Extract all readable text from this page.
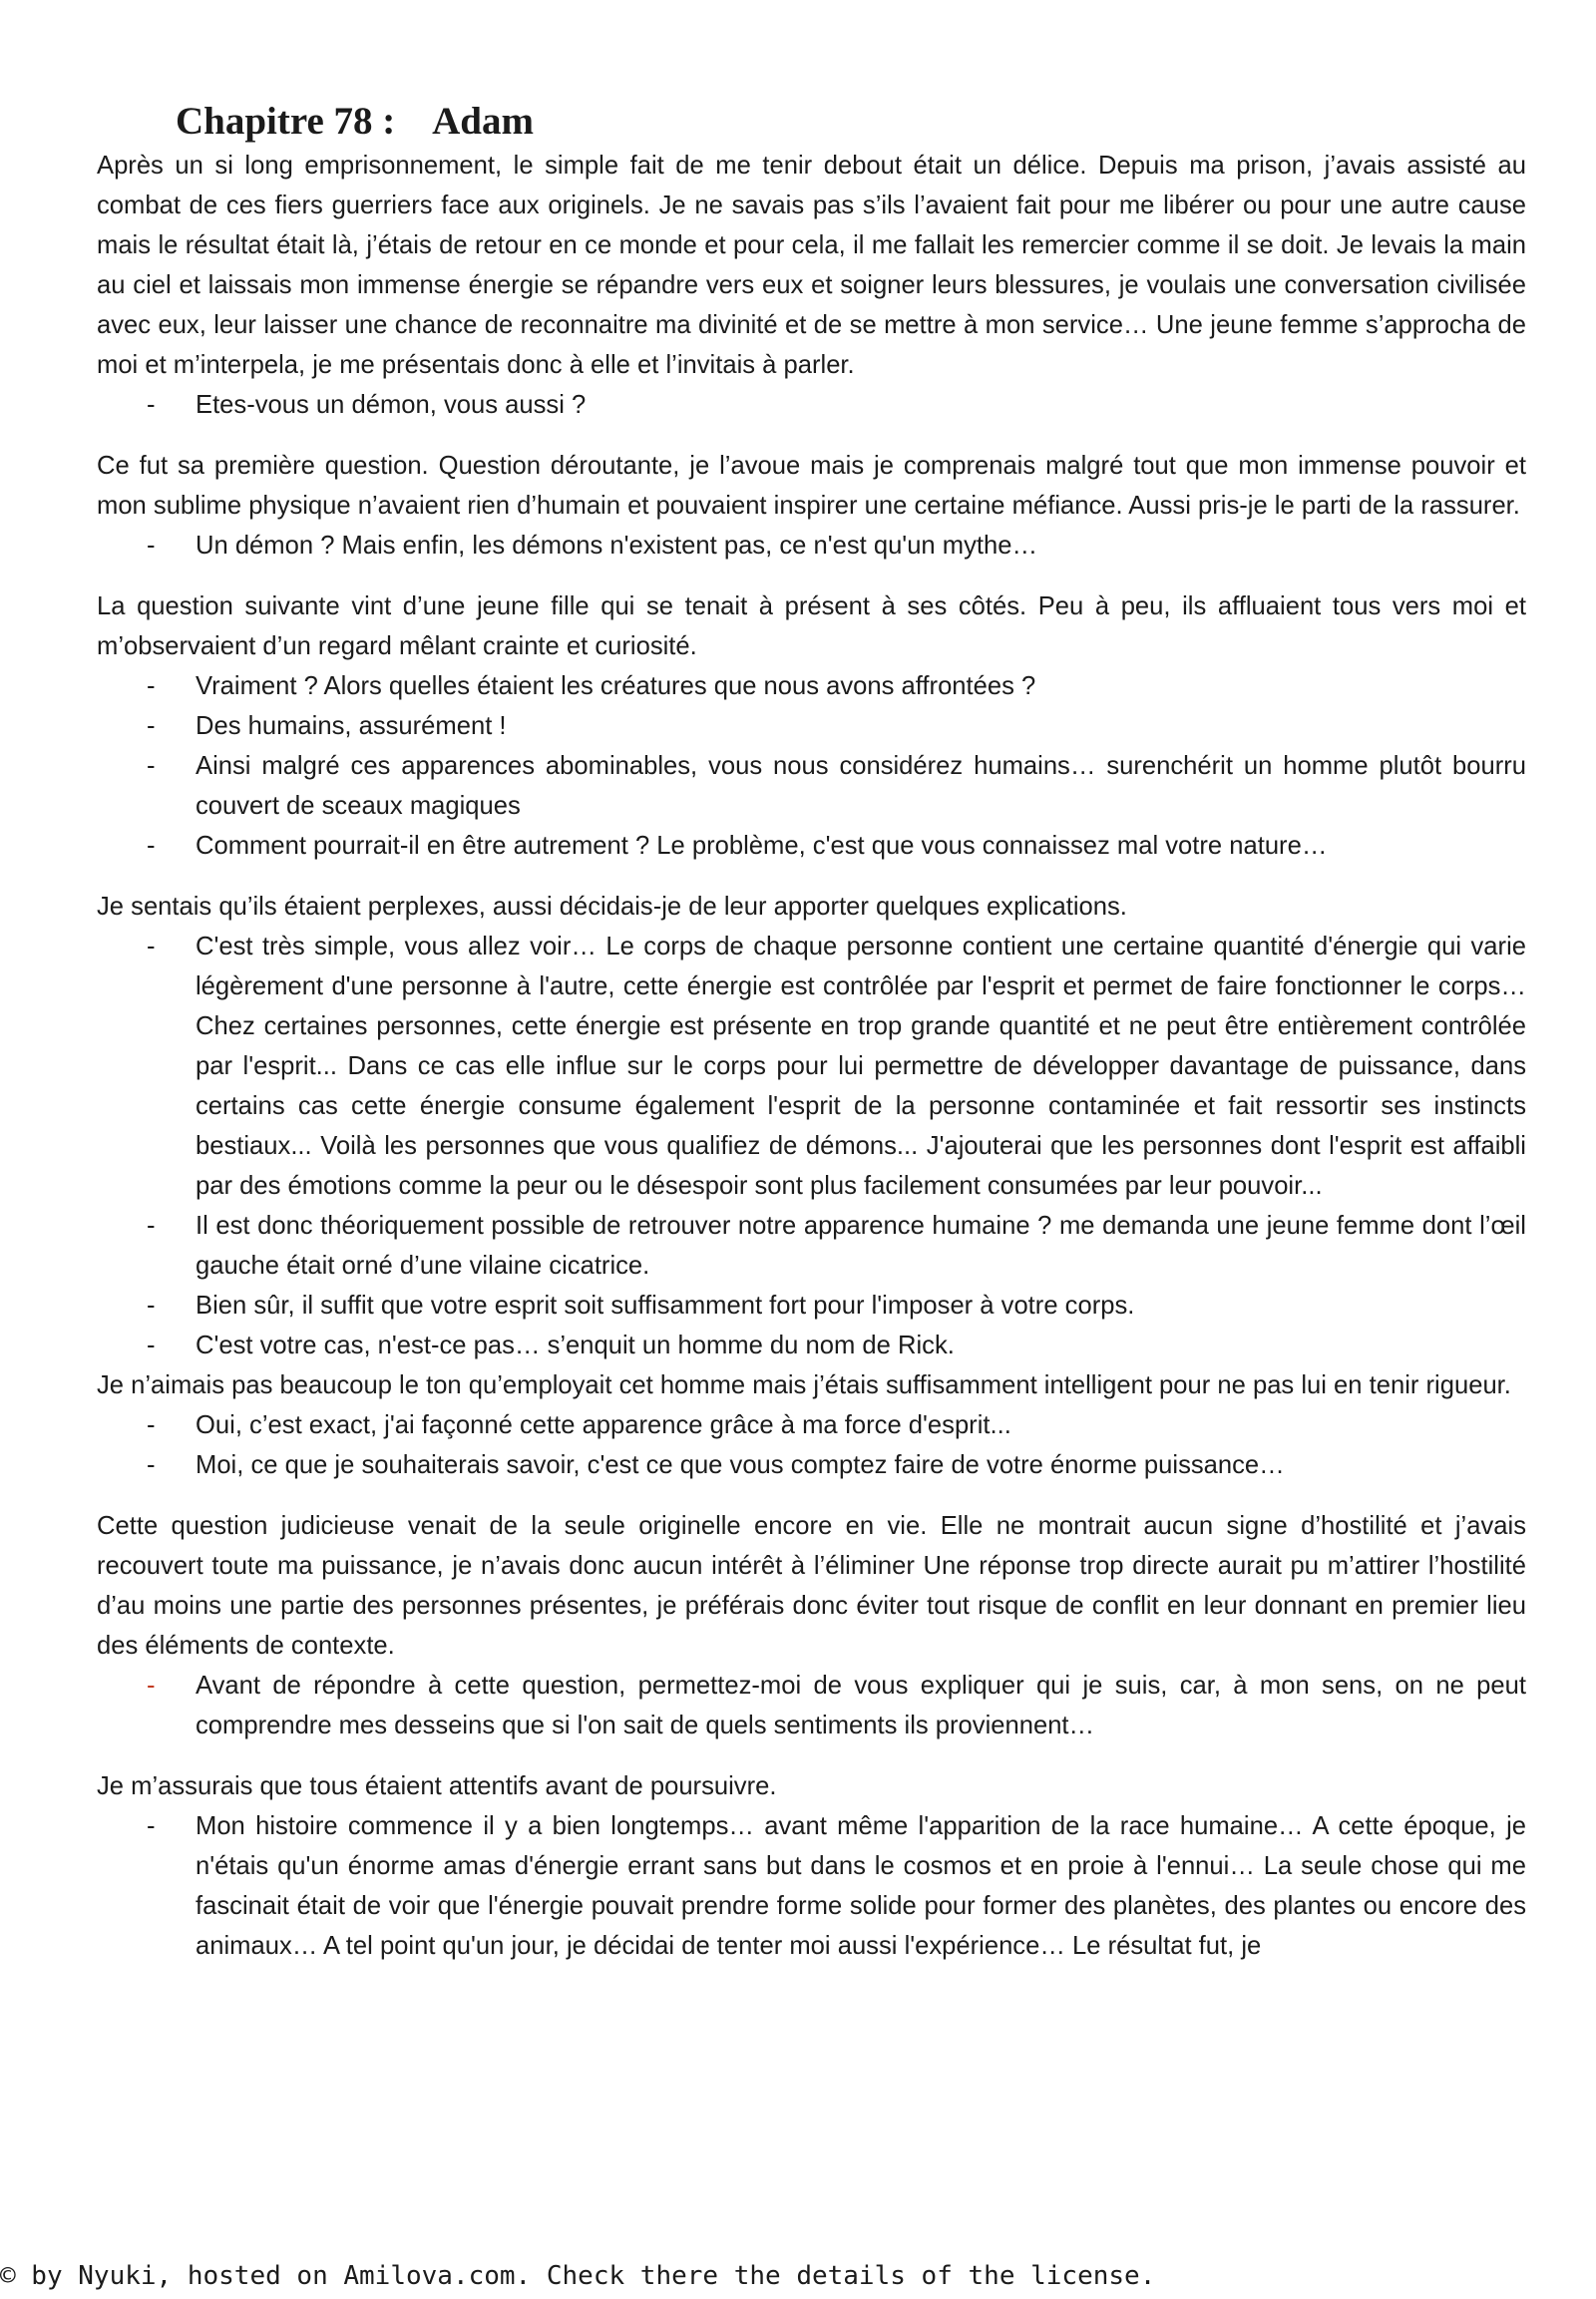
Chapitre 78 : Adam

Après un si long emprisonnement, le simple fait de me tenir debout était un délice. Depuis ma prison, j’avais assisté au combat de ces fiers guerriers face aux originels. Je ne savais pas s’ils l’avaient fait pour me libérer ou pour une autre cause mais le résultat était là, j’étais de retour en ce monde et pour cela, il me fallait les remercier comme il se doit. Je levais la main au ciel et laissais mon immense énergie se répandre vers eux et soigner leurs blessures, je voulais une conversation civilisée avec eux, leur laisser une chance de reconnaitre ma divinité et de se mettre à mon service… Une jeune femme s’approcha de moi et m’interpela, je me présentais donc à elle et l’invitais à parler.

- Etes-vous un démon, vous aussi ?

Ce fut sa première question. Question déroutante, je l’avoue mais je comprenais malgré tout que mon immense pouvoir et mon sublime physique n’avaient rien d’humain et pouvaient inspirer une certaine méfiance. Aussi pris-je le parti de la rassurer.

- Un démon ? Mais enfin, les démons n'existent pas, ce n'est qu'un mythe…

La question suivante vint d’une jeune fille qui se tenait à présent à ses côtés. Peu à peu, ils affluaient tous vers moi et m’observaient d’un regard mêlant crainte et curiosité.

- Vraiment ? Alors quelles étaient les créatures que nous avons affrontées ?
- Des humains, assurément !
- Ainsi malgré ces apparences abominables, vous nous considérez humains… surenchérit un homme plutôt bourru couvert de sceaux magiques
- Comment pourrait-il en être autrement ? Le problème, c'est que vous connaissez mal votre nature…

Je sentais qu’ils étaient perplexes, aussi décidais-je de leur apporter quelques explications.

- C'est très simple, vous allez voir… Le corps de chaque personne contient une certaine quantité d'énergie qui varie légèrement d'une personne à l'autre, cette énergie est contrôlée par l'esprit et permet de faire fonctionner le corps… Chez certaines personnes, cette énergie est présente en trop grande quantité et ne peut être entièrement contrôlée par l'esprit... Dans ce cas elle influe sur le corps pour lui permettre de développer davantage de puissance, dans certains cas cette énergie consume également l'esprit de la personne contaminée et fait ressortir ses instincts bestiaux... Voilà les personnes que vous qualifiez de démons... J'ajouterai que les personnes dont l'esprit est affaibli par des émotions comme la peur ou le désespoir sont plus facilement consumées par leur pouvoir...
- Il est donc théoriquement possible de retrouver notre apparence humaine ? me demanda une jeune femme dont l’œil gauche était orné d’une vilaine cicatrice.
- Bien sûr, il suffit que votre esprit soit suffisamment fort pour l'imposer à votre corps.
- C'est votre cas, n'est-ce pas… s’enquit un homme du nom de Rick.

Je n’aimais pas beaucoup le ton qu’employait cet homme mais j’étais suffisamment intelligent pour ne pas lui en tenir rigueur.

- Oui, c’est exact, j'ai façonné cette apparence grâce à ma force d'esprit...
- Moi, ce que je souhaiterais savoir, c'est ce que vous comptez faire de votre énorme puissance…

Cette question judicieuse venait de la seule originelle encore en vie. Elle ne montrait aucun signe d’hostilité et j’avais recouvert toute ma puissance, je n’avais donc aucun intérêt à l’éliminer Une réponse trop directe aurait pu m’attirer l’hostilité d’au moins une partie des personnes présentes, je préférais donc éviter tout risque de conflit en leur donnant en premier lieu des éléments de contexte.

- Avant de répondre à cette question, permettez-moi de vous expliquer qui je suis, car, à mon sens, on ne peut comprendre mes desseins que si l'on sait de quels sentiments ils proviennent…

Je m’assurais que tous étaient attentifs avant de poursuivre.

- Mon histoire commence il y a bien longtemps… avant même l'apparition de la race humaine… A cette époque, je n'étais qu'un énorme amas d'énergie errant sans but dans le cosmos et en proie à l'ennui… La seule chose qui me fascinait était de voir que l'énergie pouvait prendre forme solide pour former des planètes, des plantes ou encore des animaux… A tel point qu'un jour, je décidai de tenter moi aussi l'expérience… Le résultat fut, je
© by Nyuki, hosted on Amilova.com. Check there the details of the license.
